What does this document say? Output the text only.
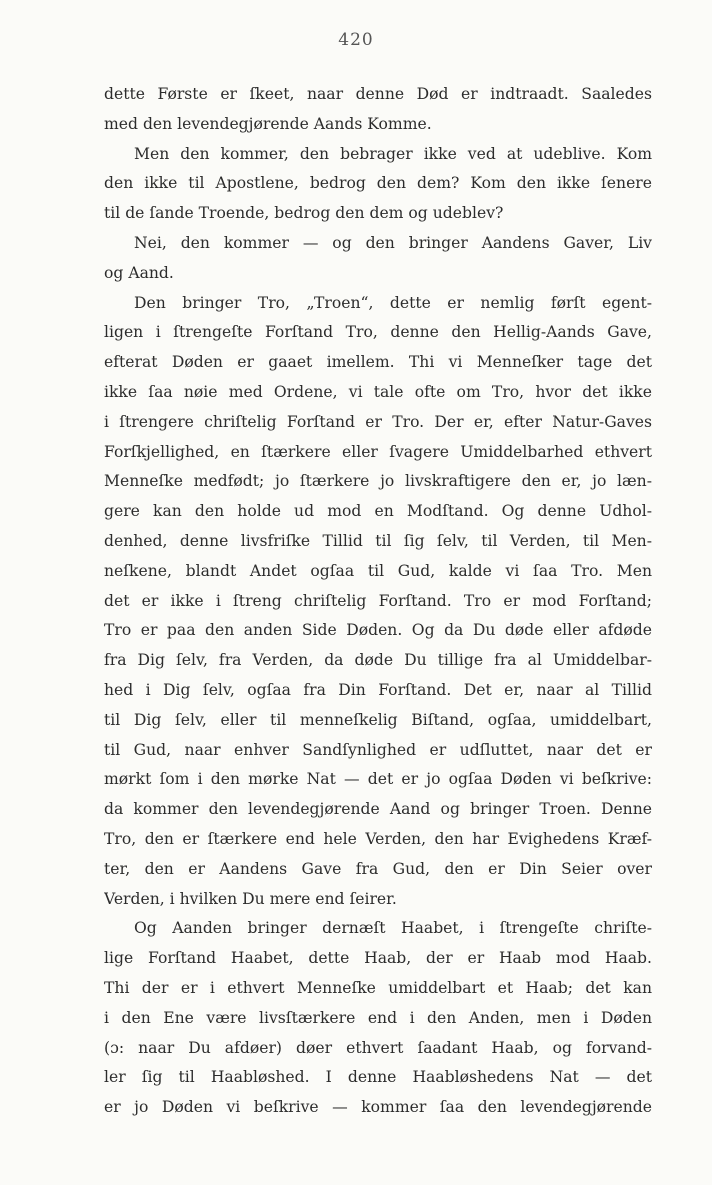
420
dette Første er ſkeet, naar denne Død er indtraadt. Saaledes
med den levendegjørende Aands Komme.
Men den kommer, den bebrager ikke ved at udeblive. Kom
den ikke til Apostlene, bedrog den dem? Kom den ikke ſenere
til de ſande Troende, bedrog den dem og udeblev?
Nei, den kommer — og den bringer Aandens Gaver, Liv
og Aand.
Den bringer Tro, „Troen“, dette er nemlig førſt egent-
ligen i ſtrengeſte Forſtand Tro, denne den Hellig-Aands Gave,
efterat Døden er gaaet imellem. Thi vi Menneſker tage det
ikke ſaa nøie med Ordene, vi tale ofte om Tro, hvor det ikke
i ſtrengere chriſtelig Forſtand er Tro. Der er, efter Natur-Gaves
Forſkjellighed, en ſtærkere eller ſvagere Umiddelbarhed ethvert
Menneſke medfødt; jo ſtærkere jo livskraftigere den er, jo læn-
gere kan den holde ud mod en Modſtand. Og denne Udhol-
denhed, denne livsfriſke Tillid til ſig ſelv, til Verden, til Men-
neſkene, blandt Andet ogſaa til Gud, kalde vi ſaa Tro. Men
det er ikke i ſtreng chriſtelig Forſtand. Tro er mod Forſtand;
Tro er paa den anden Side Døden. Og da Du døde eller afdøde
fra Dig ſelv, fra Verden, da døde Du tillige fra al Umiddelbar-
hed i Dig ſelv, ogſaa fra Din Forſtand. Det er, naar al Tillid
til Dig ſelv, eller til menneſkelig Biſtand, ogſaa, umiddelbart,
til Gud, naar enhver Sandſynlighed er udſluttet, naar det er
mørkt ſom i den mørke Nat — det er jo ogſaa Døden vi beſkrive:
da kommer den levendegjørende Aand og bringer Troen. Denne
Tro, den er ſtærkere end hele Verden, den har Evighedens Kræf-
ter, den er Aandens Gave fra Gud, den er Din Seier over
Verden, i hvilken Du mere end ſeirer.
Og Aanden bringer dernæſt Haabet, i ſtrengeſte chriſte-
lige Forſtand Haabet, dette Haab, der er Haab mod Haab.
Thi der er i ethvert Menneſke umiddelbart et Haab; det kan
i den Ene være livsſtærkere end i den Anden, men i Døden
(ɔ: naar Du afdøer) døer ethvert ſaadant Haab, og forvand-
ler ſig til Haabløshed. I denne Haabløshedens Nat — det
er jo Døden vi beſkrive — kommer ſaa den levendegjørende
